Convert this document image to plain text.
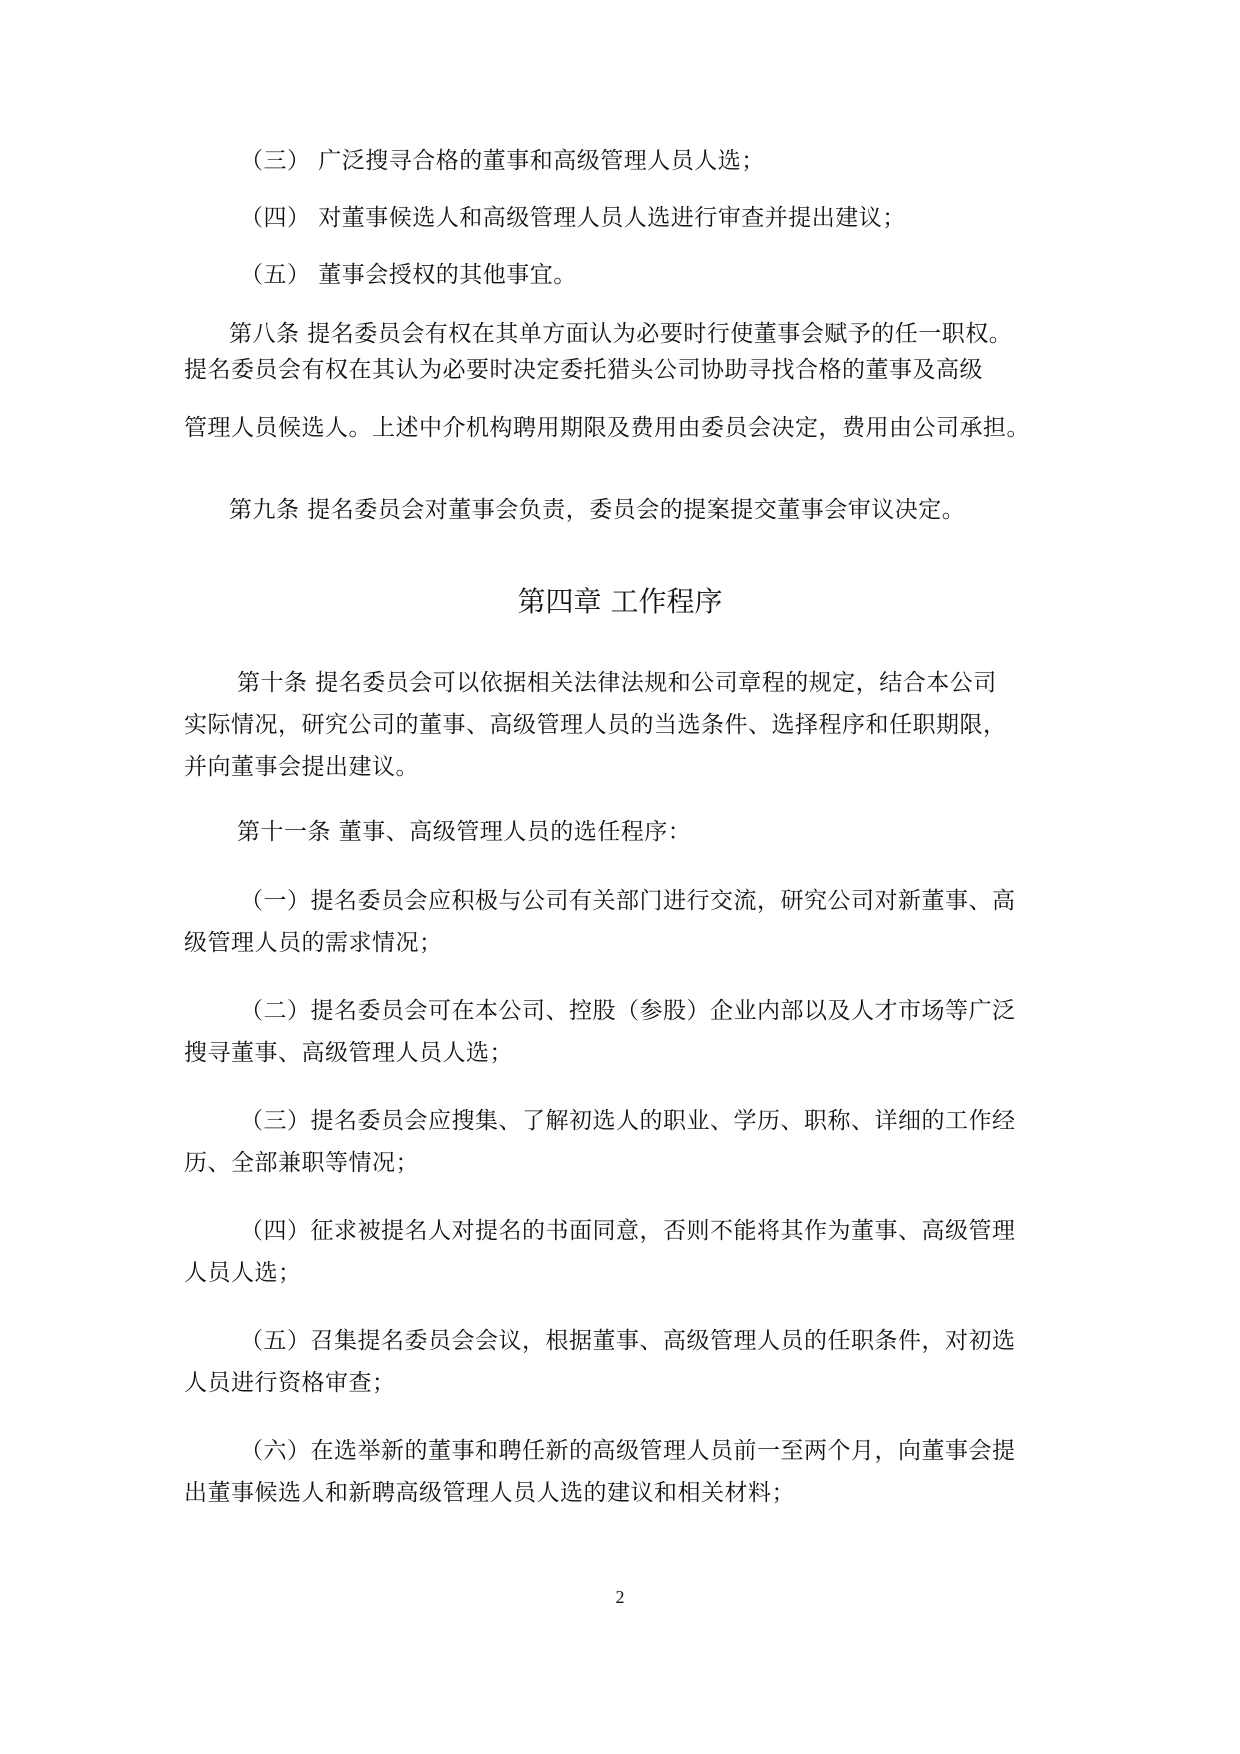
（三） 广泛搜寻合格的董事和高级管理人员人选；
（四） 对董事候选人和高级管理人员人选进行审查并提出建议；
（五） 董事会授权的其他事宜。
第八条 提名委员会有权在其单方面认为必要时行使董事会赋予的任一职权。
提名委员会有权在其认为必要时决定委托猎头公司协助寻找合格的董事及高级
管理人员候选人。上述中介机构聘用期限及费用由委员会决定，费用由公司承担。
第九条 提名委员会对董事会负责，委员会的提案提交董事会审议决定。
第四章 工作程序
第十条 提名委员会可以依据相关法律法规和公司章程的规定，结合本公司
实际情况，研究公司的董事、高级管理人员的当选条件、选择程序和任职期限，
并向董事会提出建议。
第十一条 董事、高级管理人员的选任程序：
（一）提名委员会应积极与公司有关部门进行交流，研究公司对新董事、高
级管理人员的需求情况；
（二）提名委员会可在本公司、控股（参股）企业内部以及人才市场等广泛
搜寻董事、高级管理人员人选；
（三）提名委员会应搜集、了解初选人的职业、学历、职称、详细的工作经
历、全部兼职等情况；
（四）征求被提名人对提名的书面同意，否则不能将其作为董事、高级管理
人员人选；
（五）召集提名委员会会议，根据董事、高级管理人员的任职条件，对初选
人员进行资格审查；
（六）在选举新的董事和聘任新的高级管理人员前一至两个月，向董事会提
出董事候选人和新聘高级管理人员人选的建议和相关材料；
2
